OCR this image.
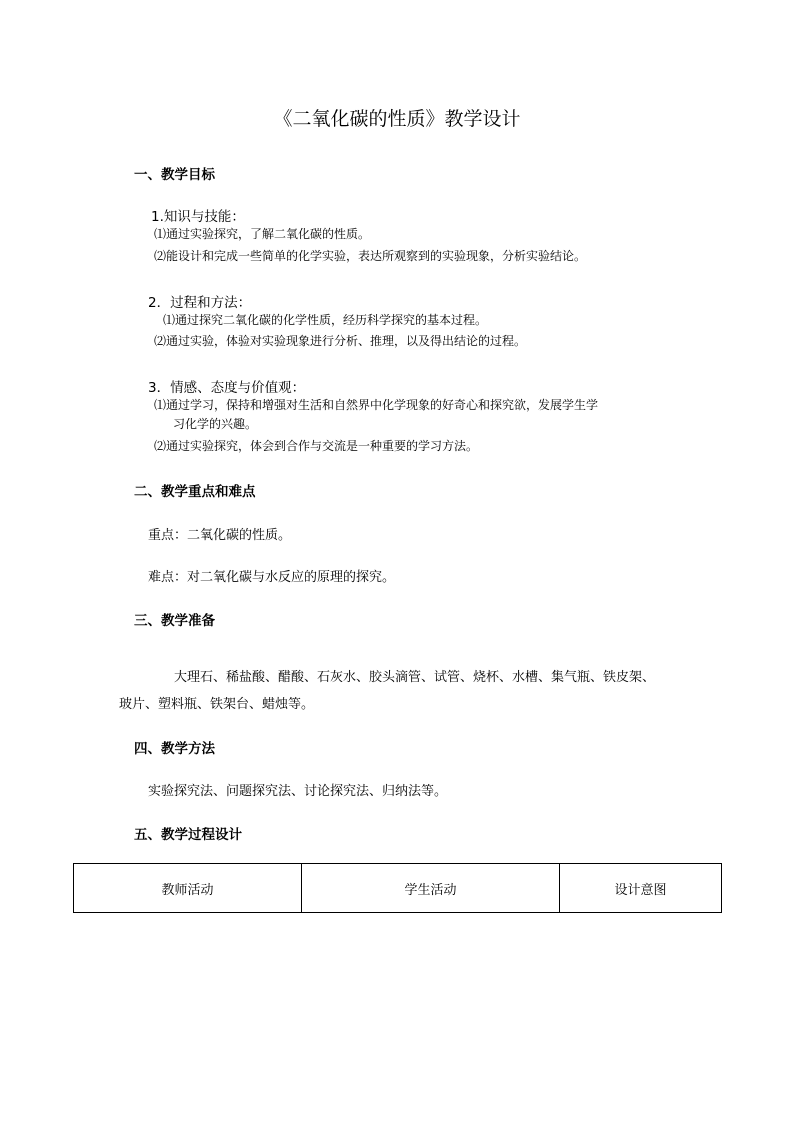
《二氧化碳的性质》教学设计
一、教学目标
1.知识与技能：
⑴通过实验探究，了解二氧化碳的性质。
⑵能设计和完成一些简单的化学实验，表达所观察到的实验现象，分析实验结论。
2．过程和方法：
⑴通过探究二氧化碳的化学性质，经历科学探究的基本过程。
⑵通过实验，体验对实验现象进行分析、推理，以及得出结论的过程。
3．情感、态度与价值观：
⑴通过学习，保持和增强对生活和自然界中化学现象的好奇心和探究欲，发展学生学
习化学的兴趣。
⑵通过实验探究，体会到合作与交流是一种重要的学习方法。
二、教学重点和难点
重点：二氧化碳的性质。
难点：对二氧化碳与水反应的原理的探究。
三、教学准备
大理石、稀盐酸、醋酸、石灰水、胶头滴管、试管、烧杯、水槽、集气瓶、铁皮架、
玻片、塑料瓶、铁架台、蜡烛等。
四、教学方法
实验探究法、问题探究法、讨论探究法、归纳法等。
五、教学过程设计
教师活动	学生活动	设计意图
